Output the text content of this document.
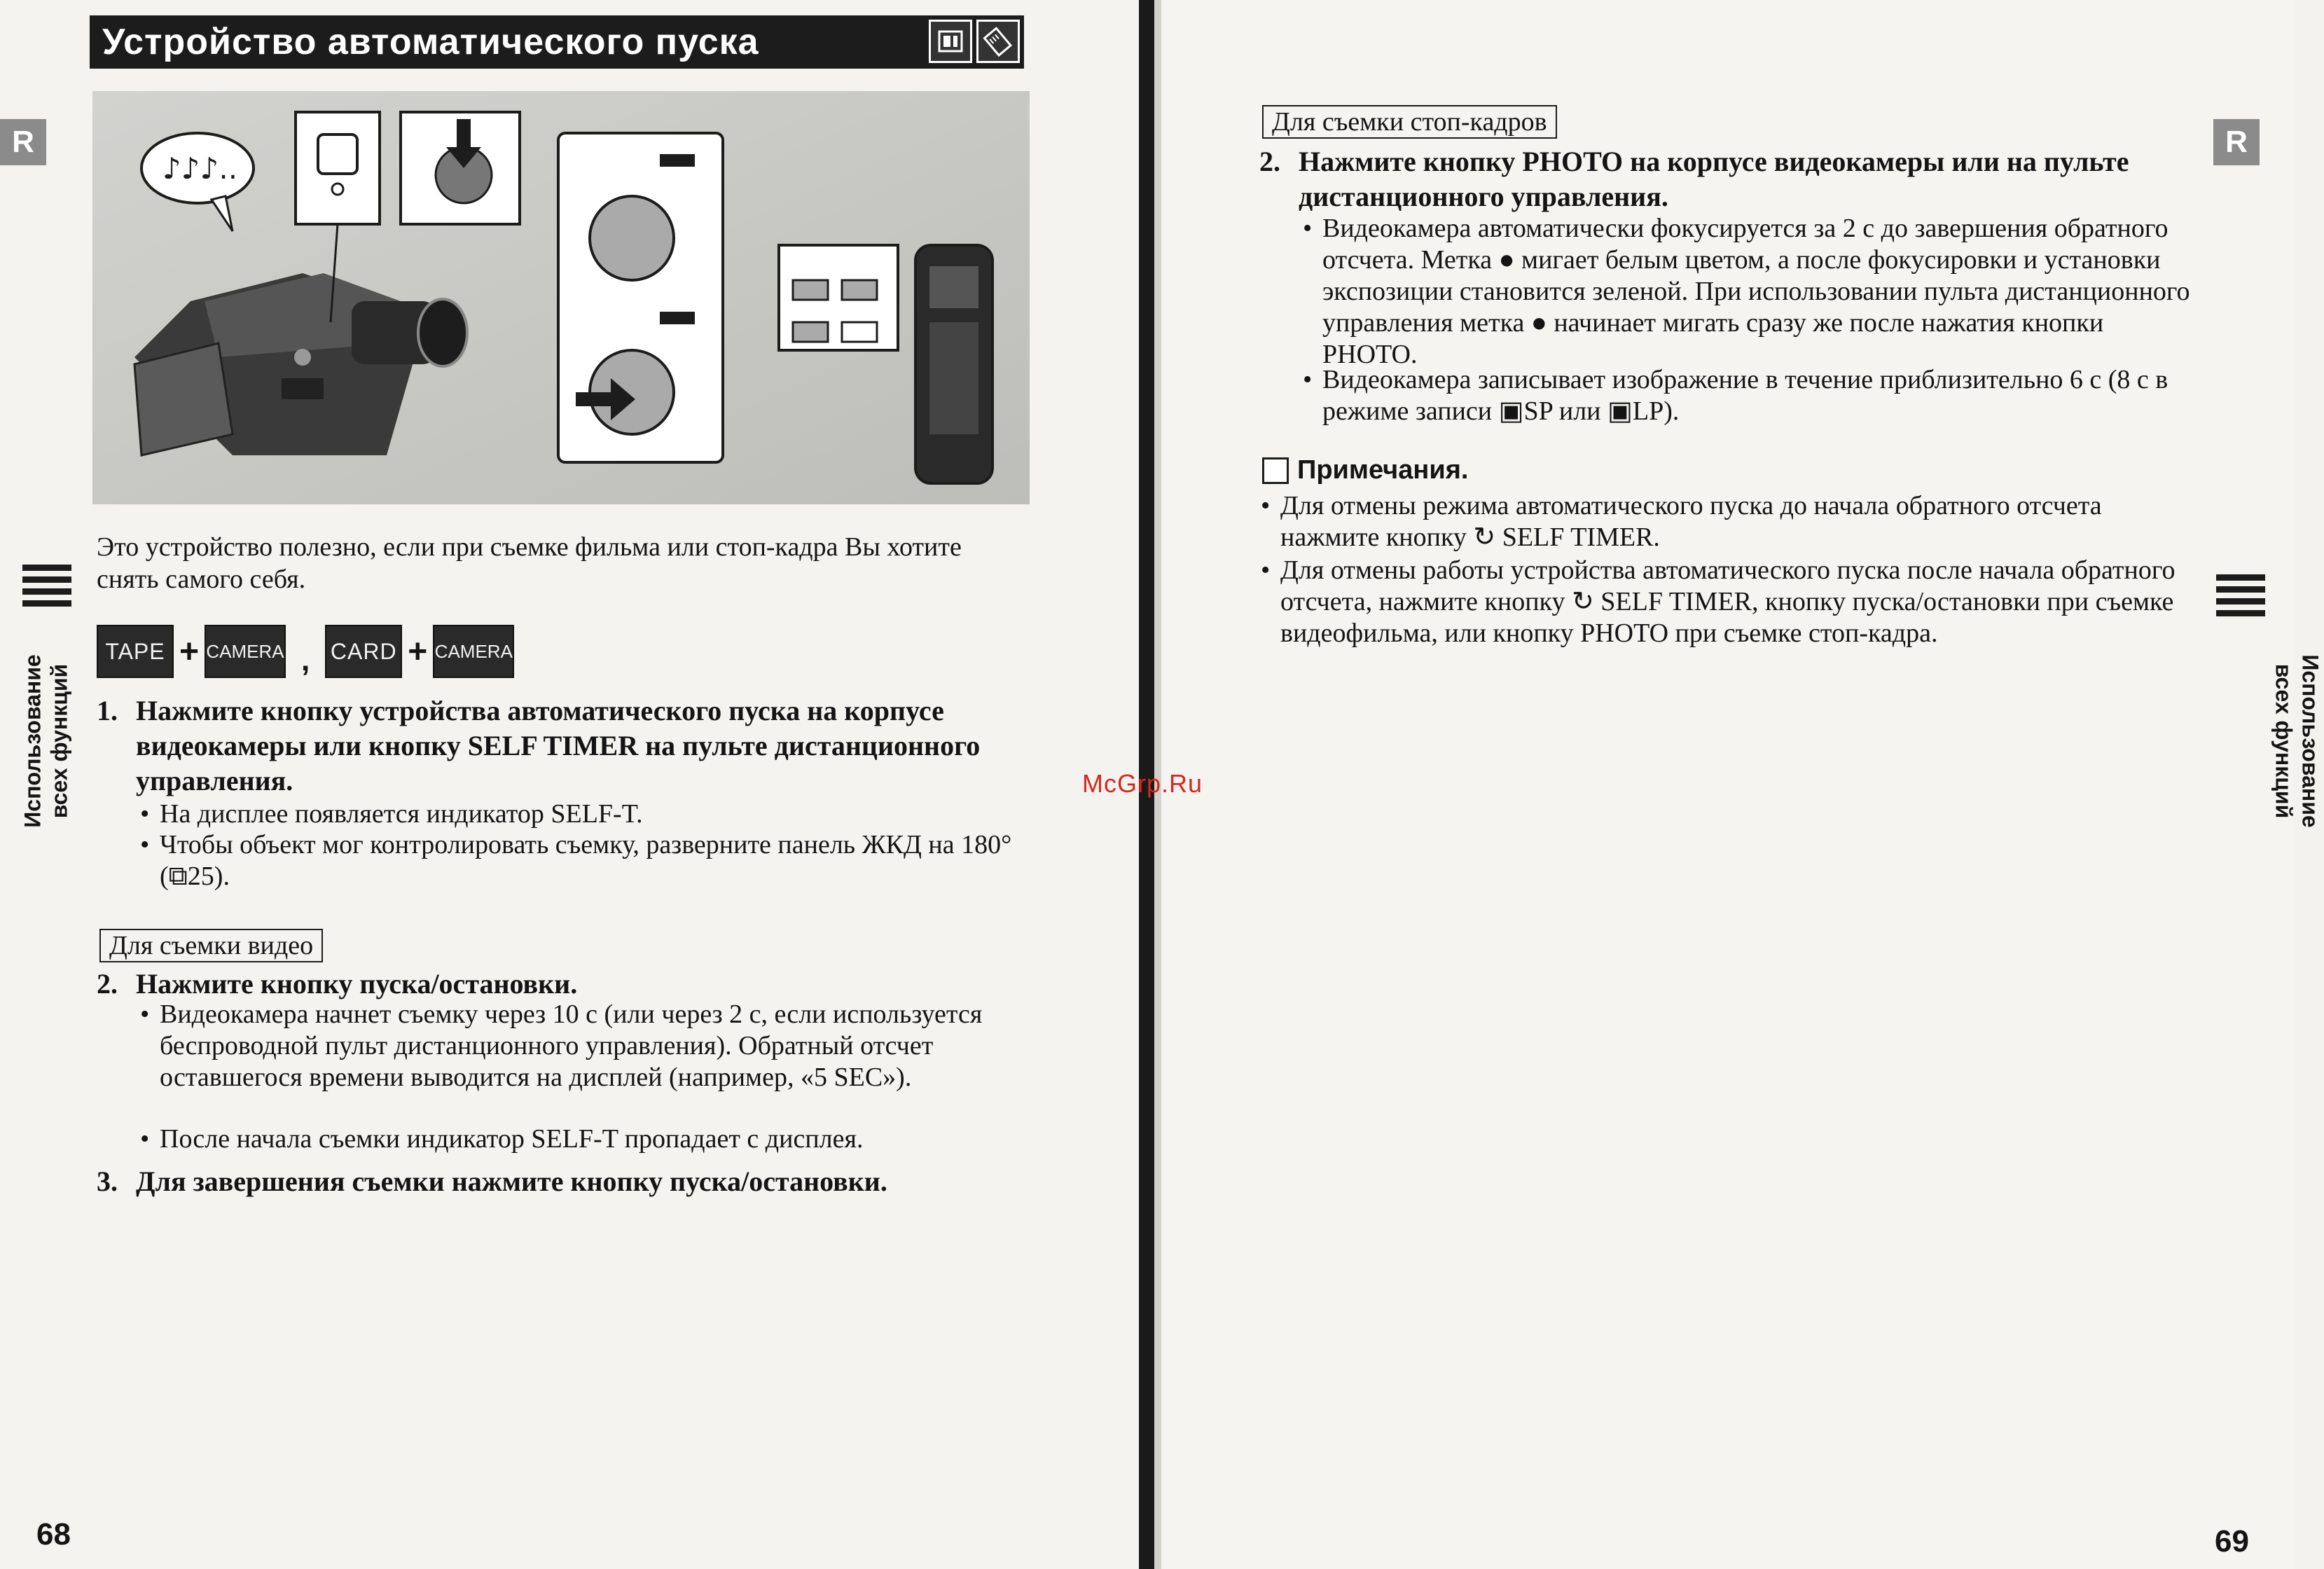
Устройство автоматического пуска
R
Использование всех функций
♪♪♪..
Это устройство полезно, если при съемке фильма или стоп-кадра Вы хотите снять самого себя.
TAPE + CAMERA , CARD + CAMERA
1. Нажмите кнопку устройства автоматического пуска на корпусе видеокамеры или кнопку SELF TIMER на пульте дистанционного управления.
• На дисплее появляется индикатор SELF-T.
• Чтобы объект мог контролировать съемку, разверните панель ЖКД на 180° (⧉25).
Для съемки видео
2. Нажмите кнопку пуска/остановки.
• Видеокамера начнет съемку через 10 с (или через 2 с, если используется беспроводной пульт дистанционного управления). Обратный отсчет оставшегося времени выводится на дисплей (например, «5 SEC»).
• После начала съемки индикатор SELF-T пропадает с дисплея.
3. Для завершения съемки нажмите кнопку пуска/остановки.
68
McGrp.Ru
R
Использование
всех функций
Для съемки стоп-кадров
2. Нажмите кнопку PHOTO на корпусе видеокамеры или на пульте дистанционного управления.
• Видеокамера автоматически фокусируется за 2 с до завершения обратного отсчета. Метка ● мигает белым цветом, а после фокусировки и установки экспозиции становится зеленой. При использовании пульта дистанционного управления метка ● начинает мигать сразу же после нажатия кнопки PHOTO.
• Видеокамера записывает изображение в течение приблизительно 6 с (8 с в режиме записи ▣SP или ▣LP).
Примечания.
• Для отмены режима автоматического пуска до начала обратного отсчета нажмите кнопку ↻ SELF TIMER.
• Для отмены работы устройства автоматического пуска после начала обратного отсчета, нажмите кнопку ↻ SELF TIMER, кнопку пуска/остановки при съемке видеофильма, или кнопку PHOTO при съемке стоп-кадра.
69
